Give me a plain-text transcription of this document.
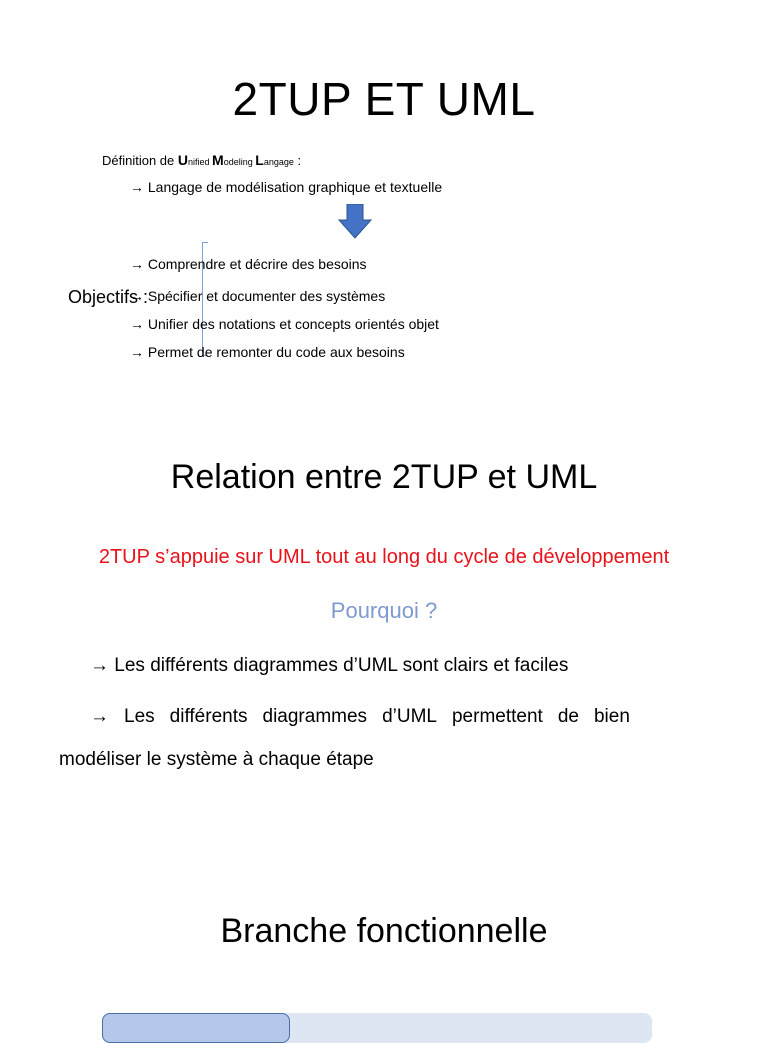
2TUP ET UML
Définition de Unified Modeling Langage :
→ Langage de modélisation graphique et textuelle
Objectifs :
→ Comprendre et décrire des besoins
→ Spécifier et documenter des systèmes
→ Unifier des notations et concepts orientés objet
→ Permet de remonter du code aux besoins
Relation entre 2TUP et UML
2TUP s’appuie sur UML tout au long du cycle de développement
Pourquoi ?
→ Les différents diagrammes d’UML sont clairs et faciles
→ Les différents diagrammes d’UML permettent de bien
modéliser le système à chaque étape
Branche fonctionnelle
